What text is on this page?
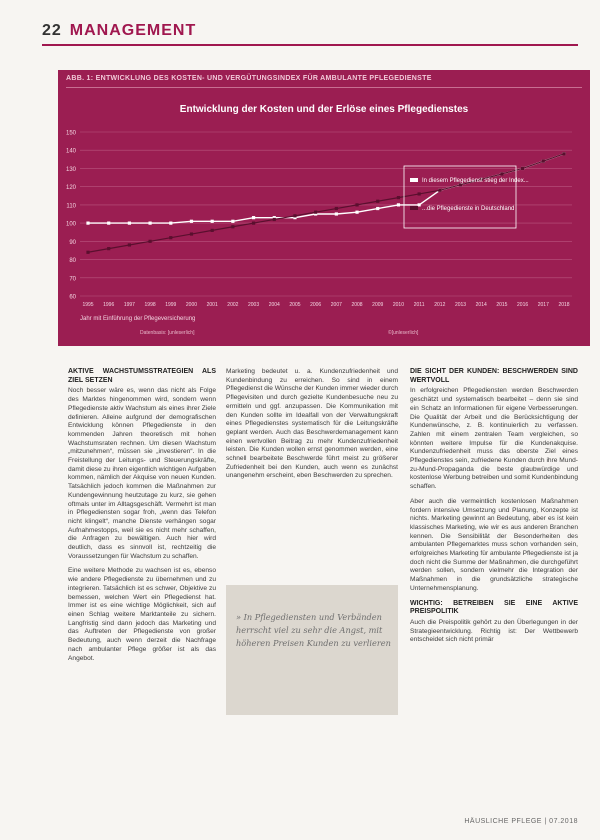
22 MANAGEMENT
ABB. 1: ENTWICKLUNG DES KOSTEN- UND VERGÜTUNGSINDEX FÜR AMBULANTE PFLEGEDIENSTE
Entwicklung der Kosten und der Erlöse eines Pflegedienstes
60
70
80
90
100
110
120
130
140
150
1995 1996 1997 1998 1999 2000 2001 2002 2003 2004 2005 2006 2007 2008 2009 2010 2011 2012 2013 2014 2015 2016 2017 2018
In diesem Pflegedienst stieg der Index...
...die Pflegedienste in Deutschland
Jahr mit Einführung der Pflegeversicherung
Datenbasis: [unleserlich]	©[unleserlich]
AKTIVE WACHSTUMSSTRATEGIEN ALS ZIEL SETZEN

Noch besser wäre es, wenn das nicht als Folge des Marktes hingenommen wird, sondern wenn Pflegedienste aktiv Wachstum als eines ihrer Ziele definieren. Alleine aufgrund der demografischen Entwicklung können Pflegedienste in den kommenden Jahren theoretisch mit hohen Wachstumsraten rechnen. Um diesen Wachstum „mitzunehmen“, müssen sie „investieren“. In die Freistellung der Leitungs- und Steuerungskräfte, damit diese zu ihren eigentlich wichtigen Aufgaben kommen, nämlich der Akquise von neuen Kunden. Tatsächlich jedoch kommen die Maßnahmen zur Kundengewinnung heutzutage zu kurz, sie gehen oftmals unter im Alltagsgeschäft. Vermehrt ist man in Pflegediensten sogar froh, „wenn das Telefon nicht klingelt“, manche Dienste verhängen sogar Aufnahmestopps, weil sie es nicht mehr schaffen, die Anfragen zu bewältigen. Auch hier wird deutlich, dass es sinnvoll ist, rechtzeitig die Voraussetzungen für Wachstum zu schaffen.

Eine weitere Methode zu wachsen ist es, ebenso wie andere Pflegedienste zu übernehmen und zu integrieren. Tatsächlich ist es schwer, Objektive zu bemessen, welchen Wert ein Pflegedienst hat. Immer ist es eine wichtige Möglichkeit, sich auf einen Schlag weitere Marktanteile zu sichern. Langfristig sind dann jedoch das Marketing und das Auftreten der Pflegedienste von großer Bedeutung, auch wenn derzeit die Nachfrage nach ambulanter Pflege größer ist als das Angebot.

Marketing bedeutet u. a. Kundenzufriedenheit und Kundenbindung zu erreichen. So sind in einem Pflegedienst die Wünsche der Kunden immer wieder durch Pflegevisiten und durch gezielte Kundenbesuche neu zu ermitteln und ggf. anzupassen. Die Kommunikation mit den Kunden sollte im Idealfall von der Verwaltungskraft eines Pflegedienstes systematisch für die Leitungskräfte geplant werden. Auch das Beschwerdemanagement kann einen wertvollen Beitrag zu mehr Kundenzufriedenheit leisten. Die Kunden wollen ernst genommen werden, eine schnell bearbeitete Beschwerde führt meist zu größerer Zufriedenheit bei den Kunden, auch wenn es zunächst unangenehm erscheint, eben Beschwerden zu sprechen.

» In Pflegediensten und Verbänden herrscht viel zu sehr die Angst, mit höheren Preisen Kunden zu verlieren
DIE SICHT DER KUNDEN: BESCHWERDEN SIND WERTVOLL

In erfolgreichen Pflegediensten werden Beschwerden geschätzt und systematisch bearbeitet – denn sie sind ein Schatz an Informationen für eigene Verbesserungen. Die Qualität der Arbeit und die Berücksichtigung der Kundenwünsche, z. B. kontinuierlich zu verfassen. Zahlen mit einem zentralen Team vergleichen, so könnten weitere Impulse für die Kundenakquise. Kundenzufriedenheit muss das oberste Ziel eines Pflegedienstes sein, zufriedene Kunden durch ihre Mund-zu-Mund-Propaganda die beste glaubwürdige und kostenlose Werbung betreiben und somit Kundenbindung schaffen.

Aber auch die vermeintlich kostenlosen Maßnahmen fordern intensive Umsetzung und Planung, Konzepte ist nichts. Marketing gewinnt an Bedeutung, aber es ist kein klassisches Marketing, wie wir es aus anderen Branchen kennen. Die Sensibilität der Besonderheiten des ambulanten Pflegemarktes muss schon vorhanden sein, erfolgreiches Marketing für ambulante Pflegedienste ist ja doch nicht die Summe der Maßnahmen, die durchgeführt werden sollen, sondern vielmehr die Integration der Maßnahmen in die grundsätzliche strategische Unternehmensplanung.

WICHTIG: BETREIBEN SIE EINE AKTIVE PREISPOLITIK

Auch die Preispolitik gehört zu den Überlegungen in der Strategieentwicklung. Richtig ist: Der Wettbewerb entscheidet sich nicht primär

HÄUSLICHE PFLEGE | 07.2018
